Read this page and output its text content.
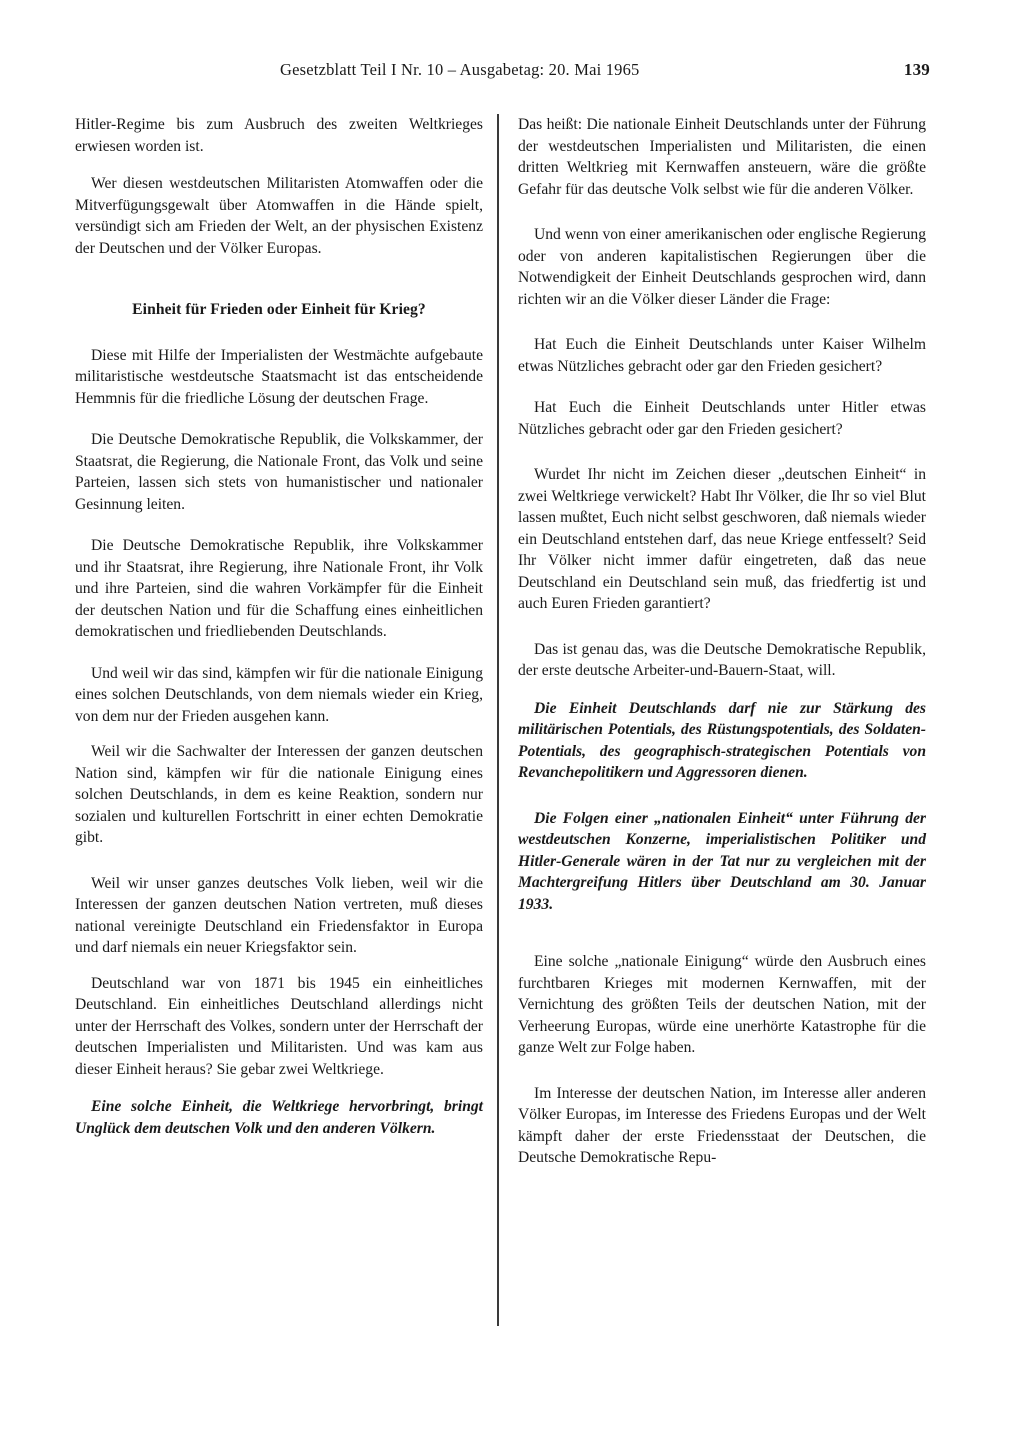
Gesetzblatt Teil I Nr. 10 – Ausgabetag: 20. Mai 1965	139

Hitler-Regime bis zum Ausbruch des zweiten Weltkrieges erwiesen worden ist.

Wer diesen westdeutschen Militaristen Atomwaffen oder die Mitverfügungsgewalt über Atomwaffen in die Hände spielt, versündigt sich am Frieden der Welt, an der physischen Existenz der Deutschen und der Völker Europas.

Einheit für Frieden oder Einheit für Krieg?

Diese mit Hilfe der Imperialisten der Westmächte aufgebaute militaristische westdeutsche Staatsmacht ist das entscheidende Hemmnis für die friedliche Lösung der deutschen Frage.

Die Deutsche Demokratische Republik, die Volkskammer, der Staatsrat, die Regierung, die Nationale Front, das Volk und seine Parteien, lassen sich stets von humanistischer und nationaler Gesinnung leiten.

Die Deutsche Demokratische Republik, ihre Volkskammer und ihr Staatsrat, ihre Regierung, ihre Nationale Front, ihr Volk und ihre Parteien, sind die wahren Vorkämpfer für die Einheit der deutschen Nation und für die Schaffung eines einheitlichen demokratischen und friedliebenden Deutschlands.

Und weil wir das sind, kämpfen wir für die nationale Einigung eines solchen Deutschlands, von dem niemals wieder ein Krieg, von dem nur der Frieden ausgehen kann.

Weil wir die Sachwalter der Interessen der ganzen deutschen Nation sind, kämpfen wir für die nationale Einigung eines solchen Deutschlands, in dem es keine Reaktion, sondern nur sozialen und kulturellen Fortschritt in einer echten Demokratie gibt.

Weil wir unser ganzes deutsches Volk lieben, weil wir die Interessen der ganzen deutschen Nation vertreten, muß dieses national vereinigte Deutschland ein Friedensfaktor in Europa und darf niemals ein neuer Kriegsfaktor sein.

Deutschland war von 1871 bis 1945 ein einheitliches Deutschland. Ein einheitliches Deutschland allerdings nicht unter der Herrschaft des Volkes, sondern unter der Herrschaft der deutschen Imperialisten und Militaristen. Und was kam aus dieser Einheit heraus? Sie gebar zwei Weltkriege.

Eine solche Einheit, die Weltkriege hervorbringt, bringt Unglück dem deutschen Volk und den anderen Völkern.

Das heißt: Die nationale Einheit Deutschlands unter der Führung der westdeutschen Imperialisten und Militaristen, die einen dritten Weltkrieg mit Kernwaffen ansteuern, wäre die größte Gefahr für das deutsche Volk selbst wie für die anderen Völker.

Und wenn von einer amerikanischen oder englische Regierung oder von anderen kapitalistischen Regierungen über die Notwendigkeit der Einheit Deutschlands gesprochen wird, dann richten wir an die Völker dieser Länder die Frage:

Hat Euch die Einheit Deutschlands unter Kaiser Wilhelm etwas Nützliches gebracht oder gar den Frieden gesichert?

Hat Euch die Einheit Deutschlands unter Hitler etwas Nützliches gebracht oder gar den Frieden gesichert?

Wurdet Ihr nicht im Zeichen dieser „deutschen Einheit“ in zwei Weltkriege verwickelt? Habt Ihr Völker, die Ihr so viel Blut lassen mußtet, Euch nicht selbst geschworen, daß niemals wieder ein Deutschland entstehen darf, das neue Kriege entfesselt? Seid Ihr Völker nicht immer dafür eingetreten, daß das neue Deutschland ein Deutschland sein muß, das friedfertig ist und auch Euren Frieden garantiert?

Das ist genau das, was die Deutsche Demokratische Republik, der erste deutsche Arbeiter-und-Bauern-Staat, will.

Die Einheit Deutschlands darf nie zur Stärkung des militärischen Potentials, des Rüstungspotentials, des Soldaten-Potentials, des geographisch-strategischen Potentials von Revanchepolitikern und Aggressoren dienen.

Die Folgen einer „nationalen Einheit“ unter Führung der westdeutschen Konzerne, imperialistischen Politiker und Hitler-Generale wären in der Tat nur zu vergleichen mit der Machtergreifung Hitlers über Deutschland am 30. Januar 1933.

Eine solche „nationale Einigung“ würde den Ausbruch eines furchtbaren Krieges mit modernen Kernwaffen, mit der Vernichtung des größten Teils der deutschen Nation, mit der Verheerung Europas, würde eine unerhörte Katastrophe für die ganze Welt zur Folge haben.

Im Interesse der deutschen Nation, im Interesse aller anderen Völker Europas, im Interesse des Friedens Europas und der Welt kämpft daher der erste Friedensstaat der Deutschen, die Deutsche Demokratische Repu-
